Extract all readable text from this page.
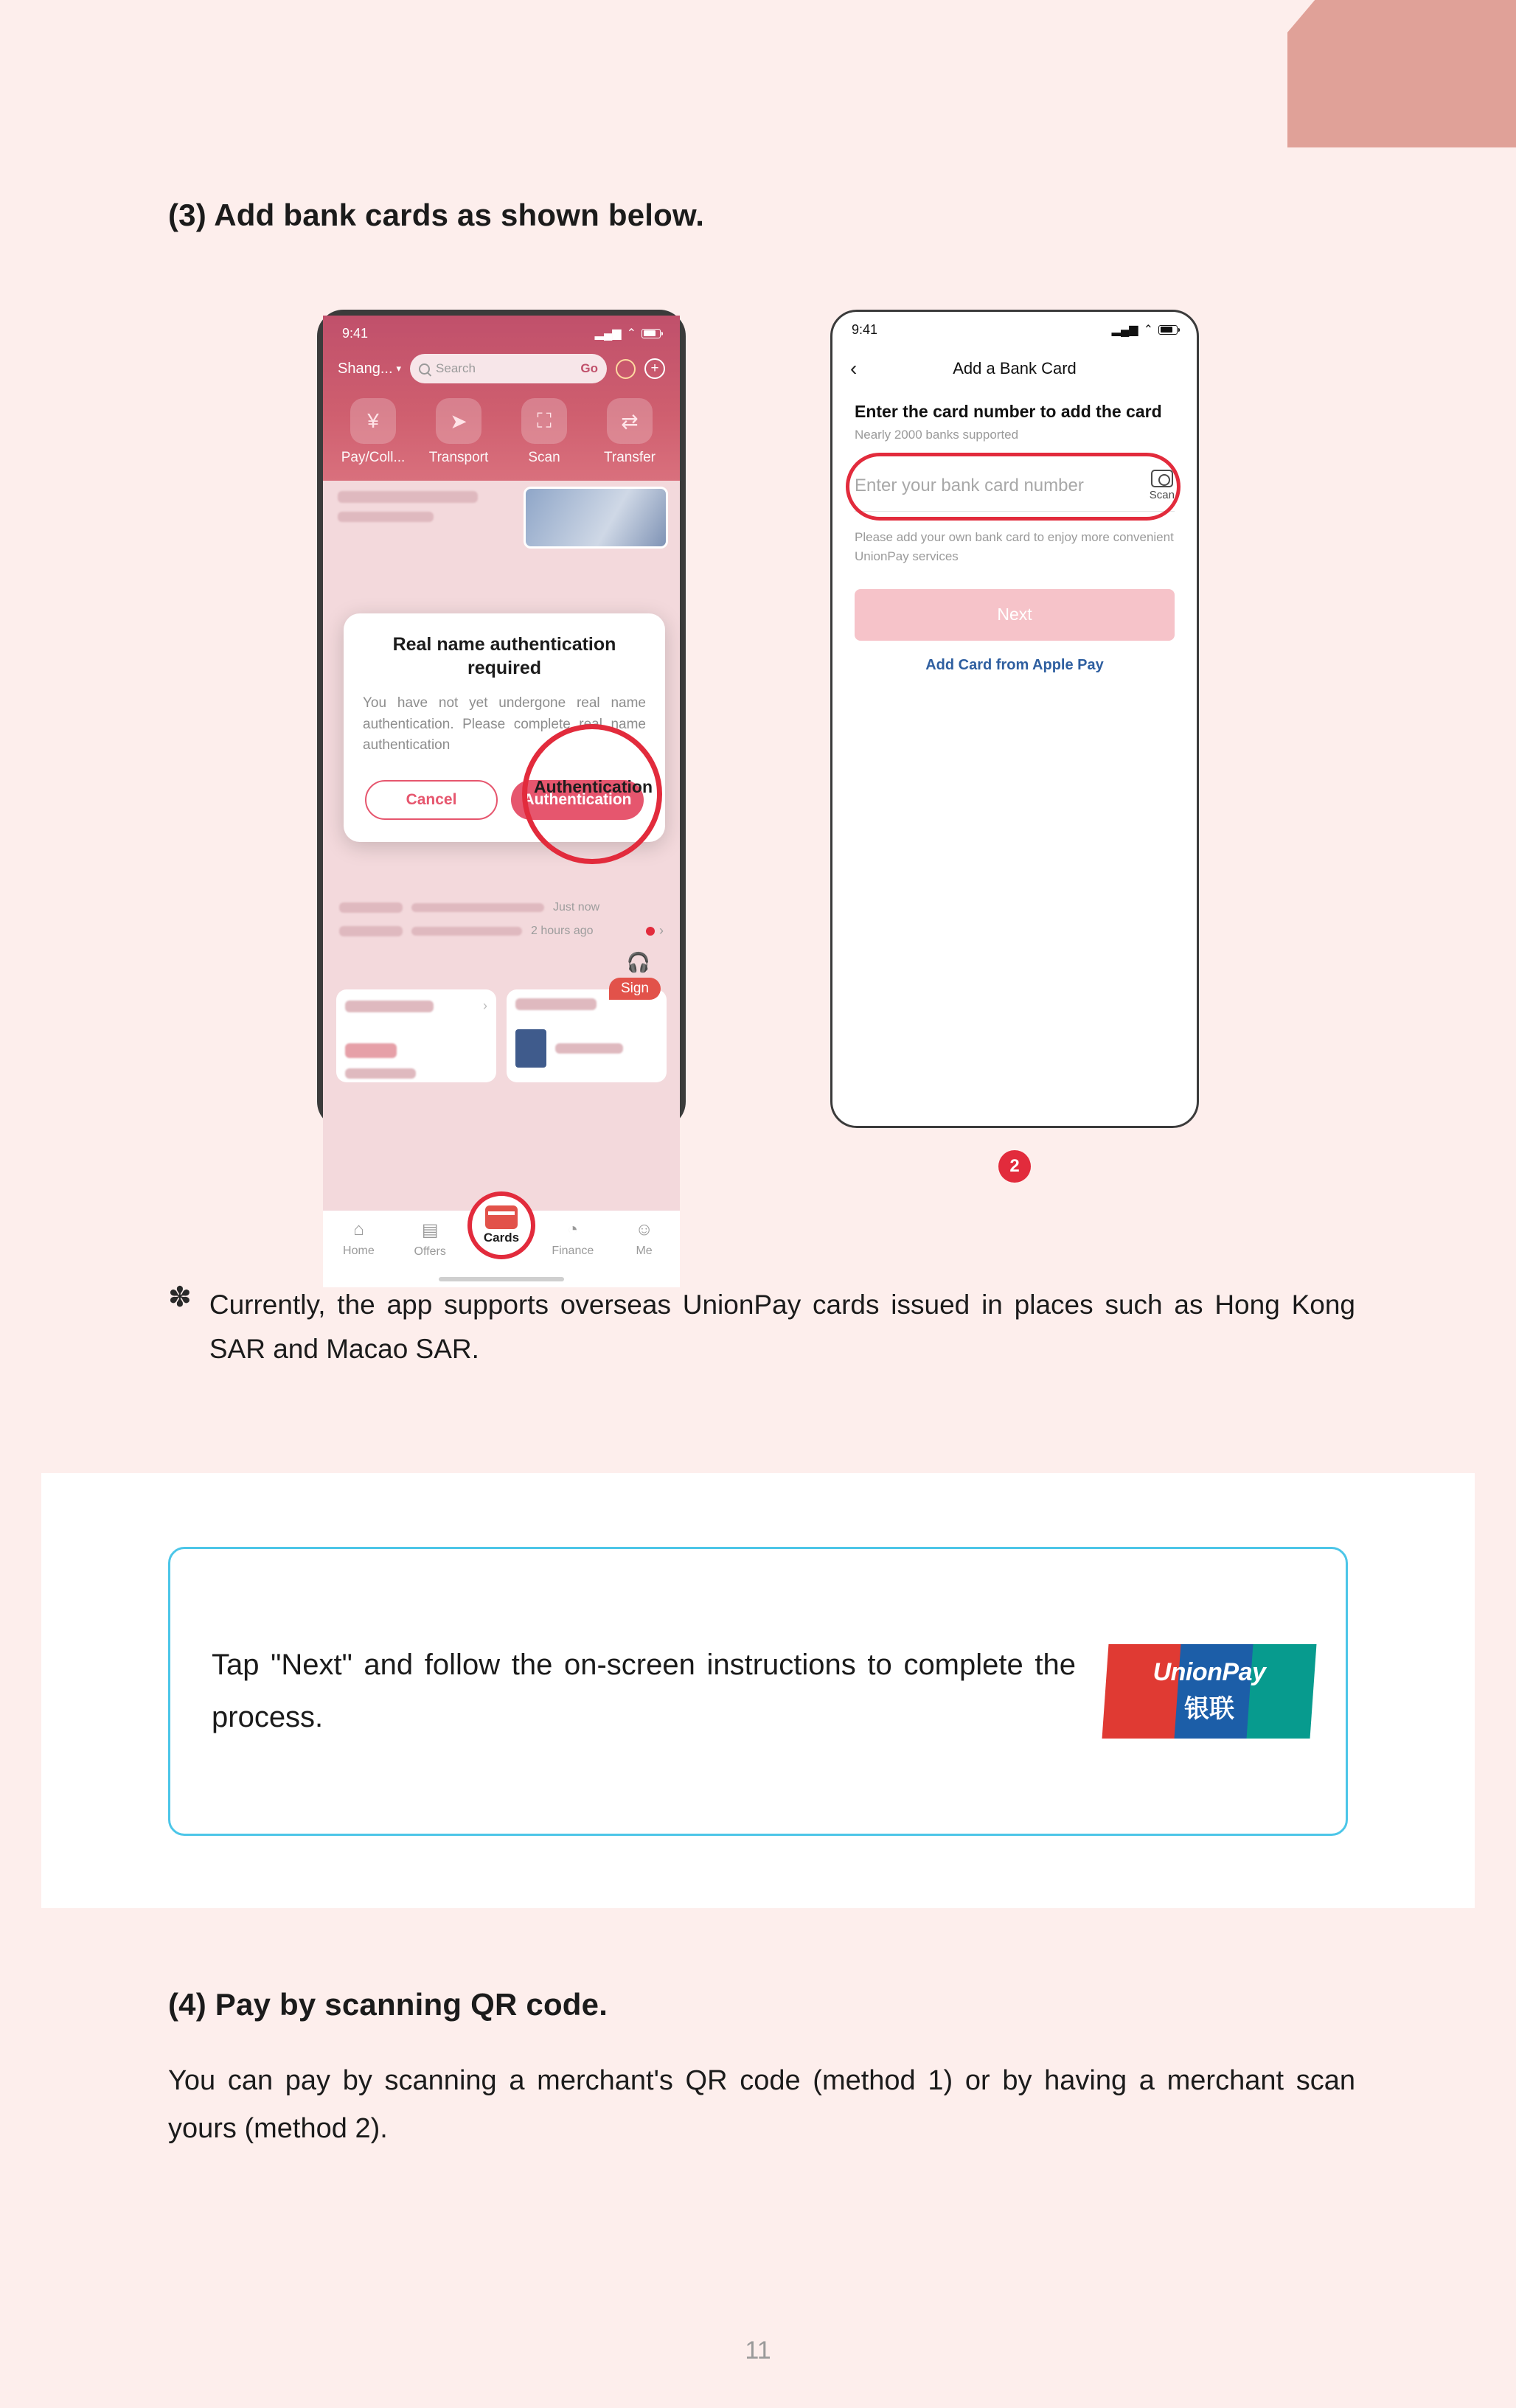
(3) Add bank cards as shown below.
9:41	▂▄▆ ⌃
Shang... ▾	Search	Go	+
¥
Pay/Coll...
➤
Transport
⛶
Scan
⇄
Transfer
Real name authentication required
You have not yet undergone real name authentication. Please complete real name authentication
Cancel	Authentication
Authentication
Just now
2 hours ago	›
›
🎧
Sign
⌂
Home
▤
Offers
◔
Finance
☺
Me
Cards
9:41	▂▄▆ ⌃
‹	Add a Bank Card
Enter the card number to add the card
Nearly 2000 banks supported
Enter your bank card number	Scan
Please add your own bank card to enjoy more convenient UnionPay services
Next
Add Card from Apple Pay
2
✽ Currently, the app supports overseas UnionPay cards issued in places such as Hong Kong SAR and Macao SAR.
Tap "Next" and follow the on-screen instructions to complete the process.
UnionPay
银联
(4) Pay by scanning QR code.
You can pay by scanning a merchant's QR code (method 1) or by having a merchant scan yours (method 2).
11
